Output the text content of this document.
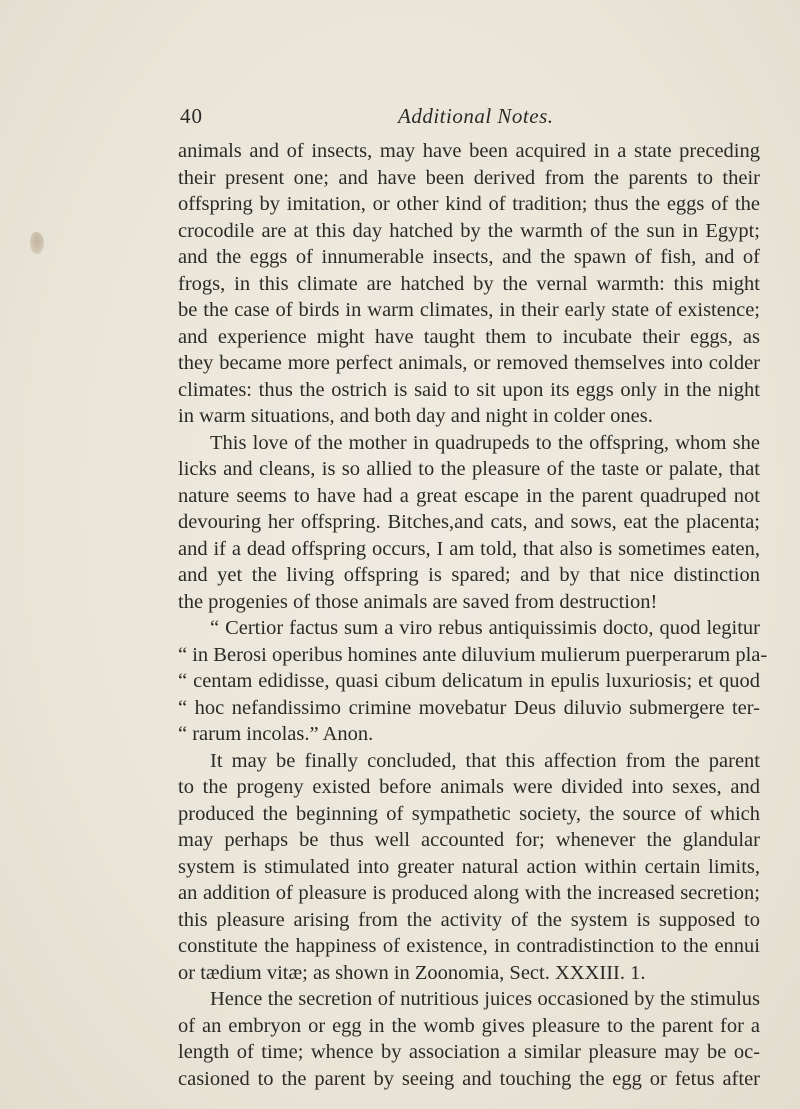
40	Additional Notes.
animals and of insects, may have been acquired in a state preceding
their present one; and have been derived from the parents to their
offspring by imitation, or other kind of tradition; thus the eggs of the
crocodile are at this day hatched by the warmth of the sun in Egypt;
and the eggs of innumerable insects, and the spawn of fish, and of
frogs, in this climate are hatched by the vernal warmth: this might
be the case of birds in warm climates, in their early state of existence;
and experience might have taught them to incubate their eggs, as
they became more perfect animals, or removed themselves into colder
climates: thus the ostrich is said to sit upon its eggs only in the night
in warm situations, and both day and night in colder ones.
This love of the mother in quadrupeds to the offspring, whom she
licks and cleans, is so allied to the pleasure of the taste or palate, that
nature seems to have had a great escape in the parent quadruped not
devouring her offspring. Bitches,and cats, and sows, eat the placenta;
and if a dead offspring occurs, I am told, that also is sometimes eaten,
and yet the living offspring is spared; and by that nice distinction
the progenies of those animals are saved from destruction!
“ Certior factus sum a viro rebus antiquissimis docto, quod legitur
“ in Berosi operibus homines ante diluvium mulierum puerperarum pla-
“ centam edidisse, quasi cibum delicatum in epulis luxuriosis; et quod
“ hoc nefandissimo crimine movebatur Deus diluvio submergere ter-
“ rarum incolas.” Anon.
It may be finally concluded, that this affection from the parent
to the progeny existed before animals were divided into sexes, and
produced the beginning of sympathetic society, the source of which
may perhaps be thus well accounted for; whenever the glandular
system is stimulated into greater natural action within certain limits,
an addition of pleasure is produced along with the increased secretion;
this pleasure arising from the activity of the system is supposed to
constitute the happiness of existence, in contradistinction to the ennui
or tædium vitæ; as shown in Zoonomia, Sect. XXXIII. 1.
Hence the secretion of nutritious juices occasioned by the stimulus
of an embryon or egg in the womb gives pleasure to the parent for a
length of time; whence by association a similar pleasure may be oc-
casioned to the parent by seeing and touching the egg or fetus after
